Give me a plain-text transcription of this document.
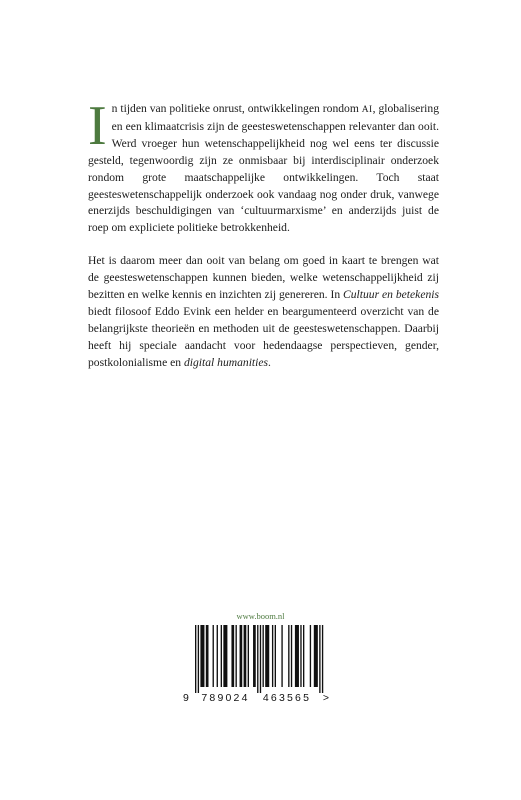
In tijden van politieke onrust, ontwikkelingen rondom AI, globalisering en een klimaatcrisis zijn de geesteswetenschappen relevanter dan ooit. Werd vroeger hun wetenschappelijkheid nog wel eens ter discussie gesteld, tegenwoordig zijn ze onmisbaar bij interdisciplinair onderzoek rondom grote maatschappelijke ontwikkelingen. Toch staat geesteswetenschappelijk onderzoek ook vandaag nog onder druk, vanwege enerzijds beschuldigingen van ‘cultuurmarxisme’ en anderzijds juist de roep om expliciete politieke betrokkenheid.

Het is daarom meer dan ooit van belang om goed in kaart te brengen wat de geesteswetenschappen kunnen bieden, welke wetenschappelijkheid zij bezitten en welke kennis en inzichten zij genereren. In Cultuur en betekenis biedt filosoof Eddo Evink een helder en beargumenteerd overzicht van de belangrijkste theorieën en methoden uit de geesteswetenschappen. Daarbij heeft hij speciale aandacht voor hedendaagse perspectieven, gender, postkolonialisme en digital humanities.

www.boom.nl
9	789024	463565	>
